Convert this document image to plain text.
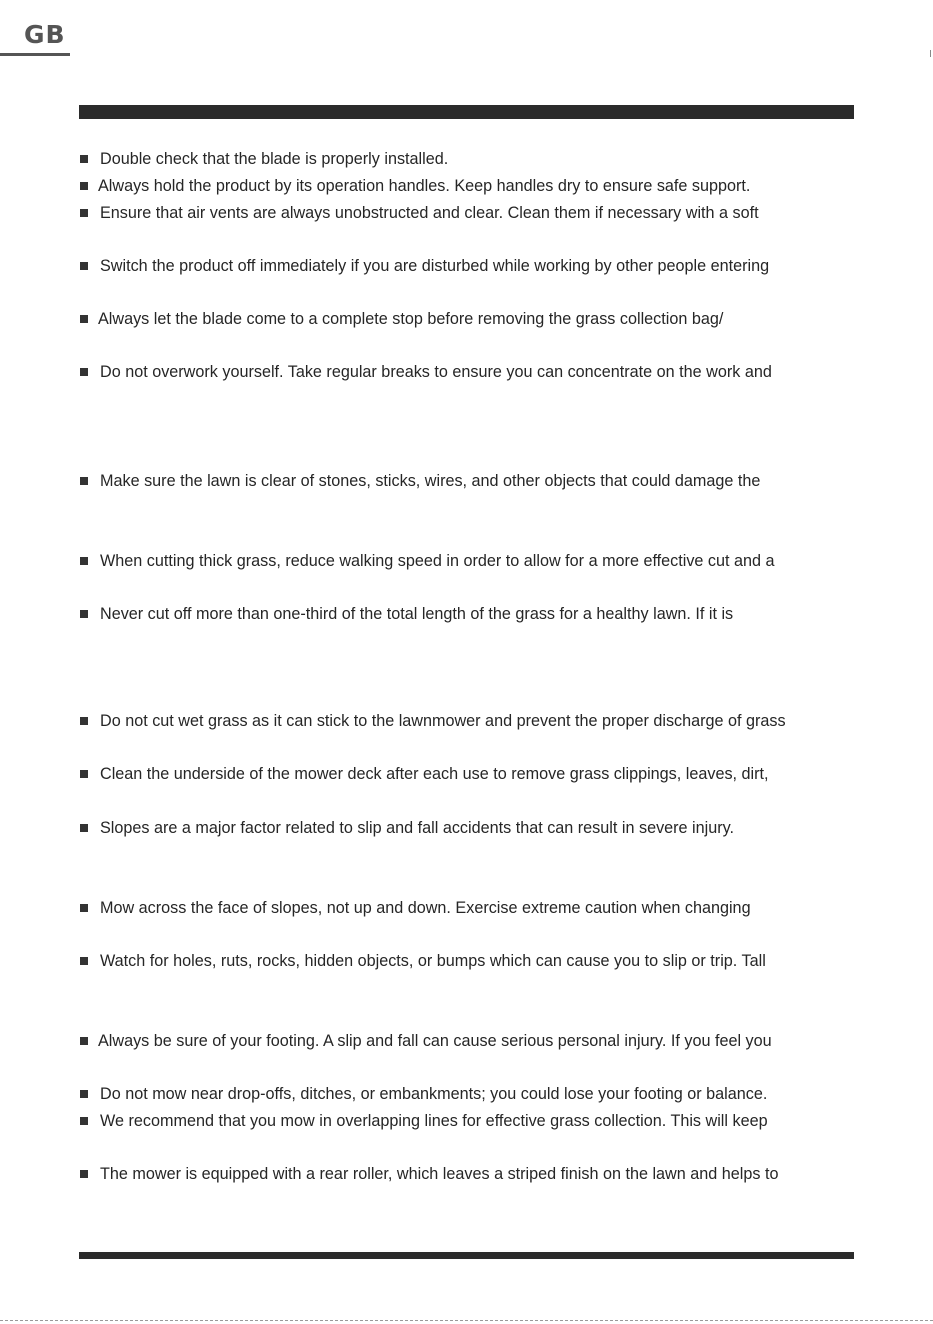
GB
Double check that the blade is properly installed.
Always hold the product by its operation handles. Keep handles dry to ensure safe support.
Ensure that air vents are always unobstructed and clear. Clean them if necessary with a soft
Switch the product off immediately if you are disturbed while working by other people entering
Always let the blade come to a complete stop before removing the grass collection bag/
Do not overwork yourself. Take regular breaks to ensure you can concentrate on the work and
Make sure the lawn is clear of stones, sticks, wires, and other objects that could damage the
When cutting thick grass, reduce walking speed in order to allow for a more effective cut and a
Never cut off more than one-third of the total length of the grass for a healthy lawn. If it is
Do not cut wet grass as it can stick to the lawnmower and prevent the proper discharge of grass
Clean the underside of the mower deck after each use to remove grass clippings, leaves, dirt,
Slopes are a major factor related to slip and fall accidents that can result in severe injury.
Mow across the face of slopes, not up and down. Exercise extreme caution when changing
Watch for holes, ruts, rocks, hidden objects, or bumps which can cause you to slip or trip. Tall
Always be sure of your footing. A slip and fall can cause serious personal injury. If you feel you
Do not mow near drop-offs, ditches, or embankments; you could lose your footing or balance.
We recommend that you mow in overlapping lines for effective grass collection. This will keep
The mower is equipped with a rear roller, which leaves a striped finish on the lawn and helps to
